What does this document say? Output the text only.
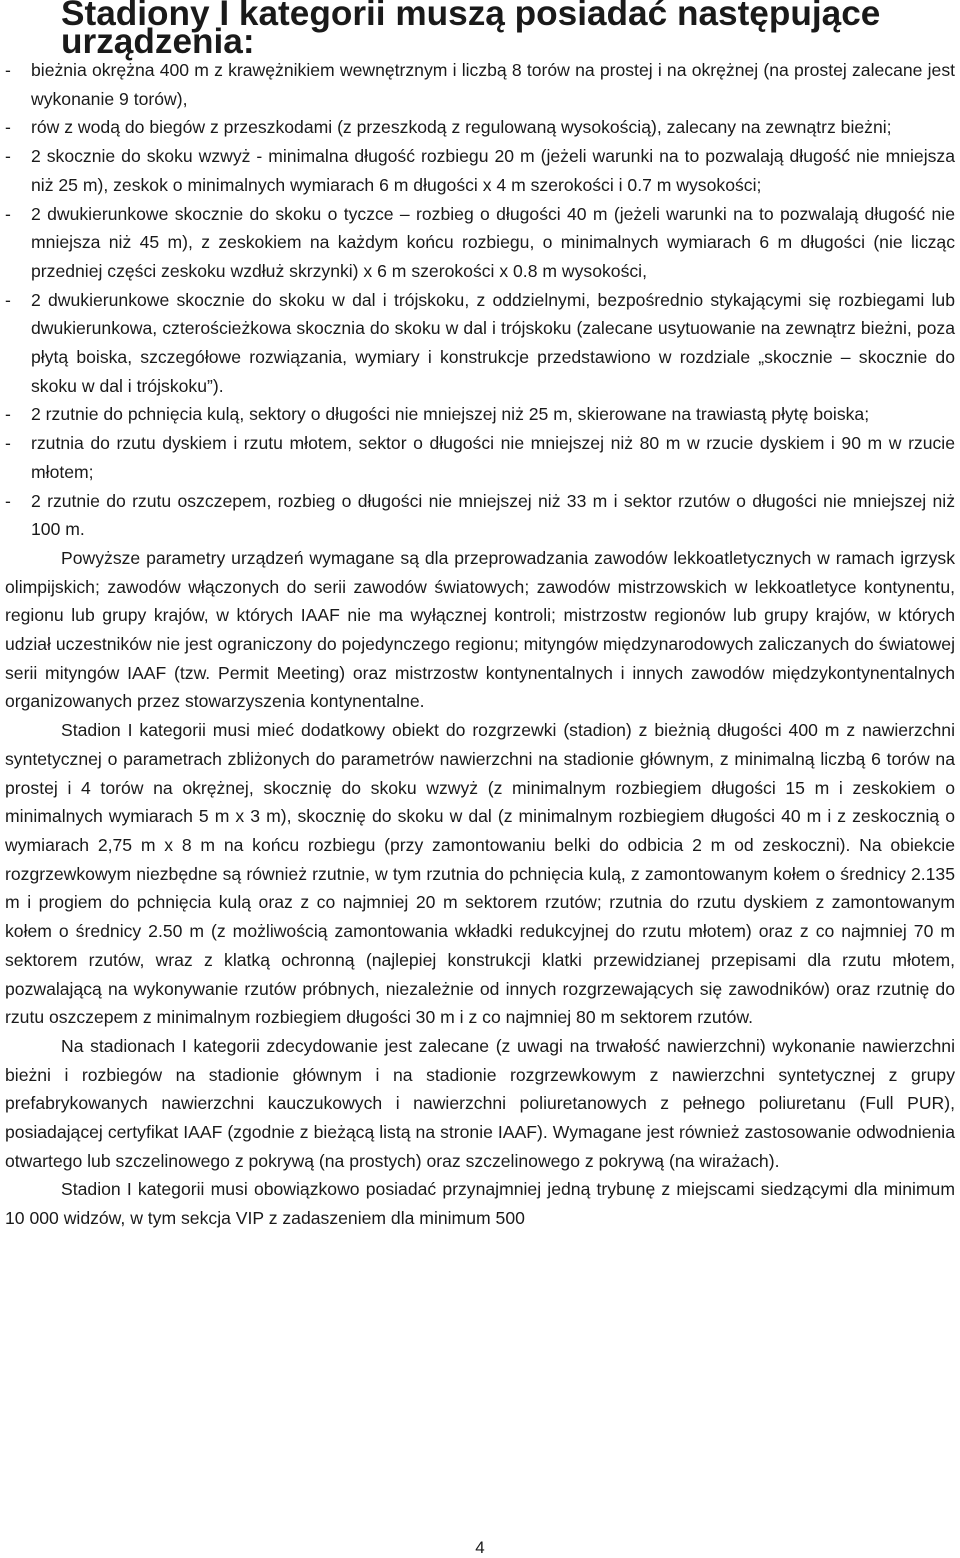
Stadiony I kategorii muszą posiadać następujące urządzenia:
- bieżnia okrężna 400 m z krawężnikiem wewnętrznym i liczbą 8 torów na prostej i na okrężnej (na prostej zalecane jest wykonanie 9 torów),
- rów z wodą do biegów z przeszkodami (z przeszkodą z regulowaną wysokością), zalecany na zewnątrz bieżni;
- 2 skocznie do skoku wzwyż - minimalna długość rozbiegu 20 m (jeżeli warunki na to pozwalają długość nie mniejsza niż 25 m), zeskok o minimalnych wymiarach 6 m długości x 4 m szerokości i 0.7 m wysokości;
- 2 dwukierunkowe skocznie do skoku o tyczce – rozbieg o długości 40 m (jeżeli warunki na to pozwalają długość nie mniejsza niż 45 m), z zeskokiem na każdym końcu rozbiegu, o minimalnych wymiarach 6 m długości (nie licząc przedniej części zeskoku wzdłuż skrzynki) x 6 m szerokości x 0.8 m wysokości,
- 2 dwukierunkowe skocznie do skoku w dal i trójskoku, z oddzielnymi, bezpośrednio stykającymi się rozbiegami lub dwukierunkowa, czterościeżkowa skocznia do skoku w dal i trójskoku (zalecane usytuowanie na zewnątrz bieżni, poza płytą boiska, szczegółowe rozwiązania, wymiary i konstrukcje przedstawiono w rozdziale „skocznie – skocznie do skoku w dal i trójskoku”).
- 2 rzutnie do pchnięcia kulą, sektory o długości nie mniejszej niż 25 m, skierowane na trawiastą płytę boiska;
- rzutnia do rzutu dyskiem i rzutu młotem, sektor o długości nie mniejszej niż 80 m w rzucie dyskiem i 90 m w rzucie młotem;
- 2 rzutnie do rzutu oszczepem, rozbieg o długości nie mniejszej niż 33 m i sektor rzutów o długości nie mniejszej niż 100 m.

Powyższe parametry urządzeń wymagane są dla przeprowadzania zawodów lekkoatletycznych w ramach igrzysk olimpijskich; zawodów włączonych do serii zawodów światowych; zawodów mistrzowskich w lekkoatletyce kontynentu, regionu lub grupy krajów, w których IAAF nie ma wyłącznej kontroli; mistrzostw regionów lub grupy krajów, w których udział uczestników nie jest ograniczony do pojedynczego regionu; mityngów międzynarodowych zaliczanych do światowej serii mityngów IAAF (tzw. Permit Meeting) oraz mistrzostw kontynentalnych i innych zawodów międzykontynentalnych organizowanych przez stowarzyszenia kontynentalne.

Stadion I kategorii musi mieć dodatkowy obiekt do rozgrzewki (stadion) z bieżnią długości 400 m z nawierzchni syntetycznej o parametrach zbliżonych do parametrów nawierzchni na stadionie głównym, z minimalną liczbą 6 torów na prostej i 4 torów na okrężnej, skocznię do skoku wzwyż (z minimalnym rozbiegiem długości 15 m i zeskokiem o minimalnych wymiarach 5 m x 3 m), skocznię do skoku w dal (z minimalnym rozbiegiem długości 40 m i z zeskocznią o wymiarach 2,75 m x 8 m na końcu rozbiegu (przy zamontowaniu belki do odbicia 2 m od zeskoczni). Na obiekcie rozgrzewkowym niezbędne są również rzutnie, w tym rzutnia do pchnięcia kulą, z zamontowanym kołem o średnicy 2.135 m i progiem do pchnięcia kulą oraz z co najmniej 20 m sektorem rzutów; rzutnia do rzutu dyskiem z zamontowanym kołem o średnicy 2.50 m (z możliwością zamontowania wkładki redukcyjnej do rzutu młotem) oraz z co najmniej 70 m sektorem rzutów, wraz z klatką ochronną (najlepiej konstrukcji klatki przewidzianej przepisami dla rzutu młotem, pozwalającą na wykonywanie rzutów próbnych, niezależnie od innych rozgrzewających się zawodników) oraz rzutnię do rzutu oszczepem z minimalnym rozbiegiem długości 30 m i z co najmniej 80 m sektorem rzutów.

Na stadionach I kategorii zdecydowanie jest zalecane (z uwagi na trwałość nawierzchni) wykonanie nawierzchni bieżni i rozbiegów na stadionie głównym i na stadionie rozgrzewkowym z nawierzchni syntetycznej z grupy prefabrykowanych nawierzchni kauczukowych i nawierzchni poliuretanowych z pełnego poliuretanu (Full PUR), posiadającej certyfikat IAAF (zgodnie z bieżącą listą na stronie IAAF). Wymagane jest również zastosowanie odwodnienia otwartego lub szczelinowego z pokrywą (na prostych) oraz szczelinowego z pokrywą (na wirażach).

Stadion I kategorii musi obowiązkowo posiadać przynajmniej jedną trybunę z miejscami siedzącymi dla minimum 10 000 widzów, w tym sekcja VIP z zadaszeniem dla minimum 500

4
